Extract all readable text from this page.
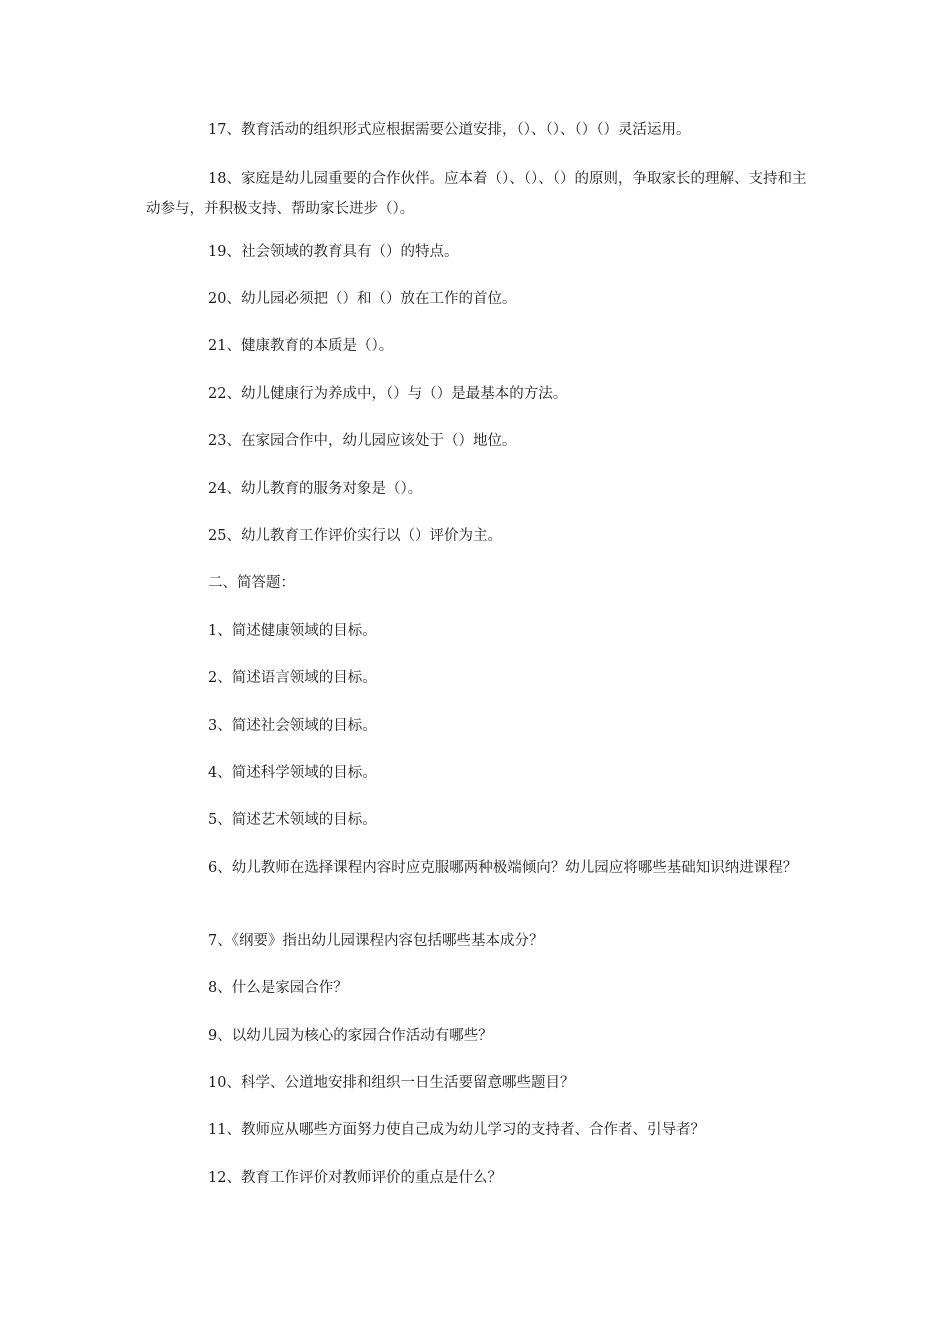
17、教育活动的组织形式应根据需要公道安排，（）、（）、（）（）灵活运用。

18、家庭是幼儿园重要的合作伙伴。应本着（）、（）、（）的原则，争取家长的理解、支持和主动参与，并积极支持、帮助家长进步（）。

19、社会领域的教育具有（）的特点。

20、幼儿园必须把（）和（）放在工作的首位。

21、健康教育的本质是（）。

22、幼儿健康行为养成中，（）与（）是最基本的方法。

23、在家园合作中，幼儿园应该处于（）地位。

24、幼儿教育的服务对象是（）。

25、幼儿教育工作评价实行以（）评价为主。

二、简答题：

1、简述健康领域的目标。

2、简述语言领域的目标。

3、简述社会领域的目标。

4、简述科学领域的目标。

5、简述艺术领域的目标。

6、幼儿教师在选择课程内容时应克服哪两种极端倾向？幼儿园应将哪些基础知识纳进课程？

7、《纲要》指出幼儿园课程内容包括哪些基本成分？

8、什么是家园合作？

9、以幼儿园为核心的家园合作活动有哪些？

10、科学、公道地安排和组织一日生活要留意哪些题目？

11、教师应从哪些方面努力使自己成为幼儿学习的支持者、合作者、引导者？

12、教育工作评价对教师评价的重点是什么？
